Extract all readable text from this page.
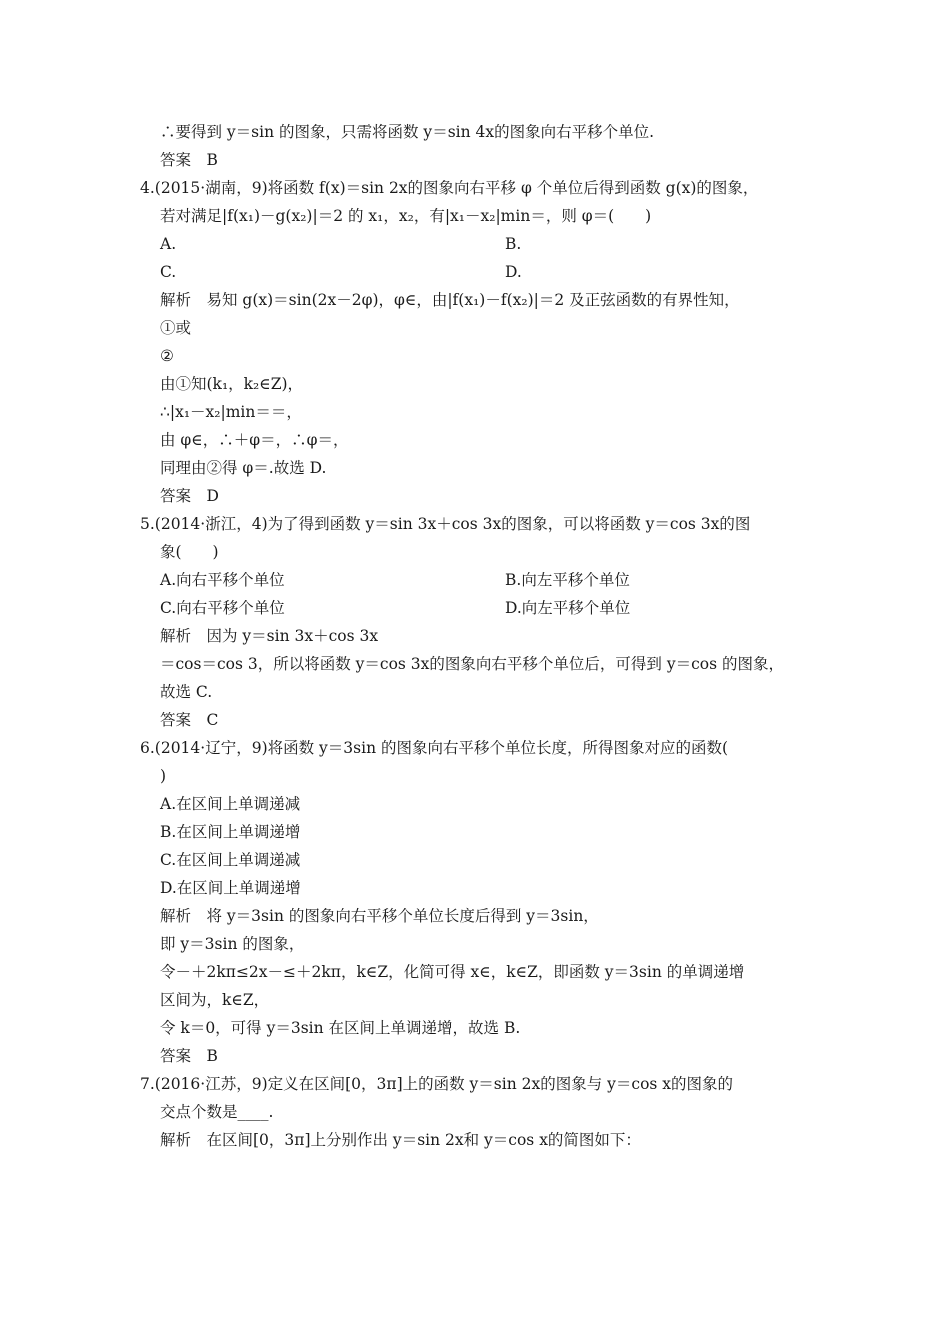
∴要得到 y＝sin 的图象，只需将函数 y＝sin 4x的图象向右平移个单位.
答案　B
4.(2015·湖南，9)将函数 f(x)＝sin 2x的图象向右平移 φ 个单位后得到函数 g(x)的图象，
若对满足|f(x₁)－g(x₂)|＝2 的 x₁，x₂，有|x₁－x₂|min＝，则 φ＝(　　)
A.	B.
C.	D.
解析　易知 g(x)＝sin(2x－2φ)，φ∈，由|f(x₁)－f(x₂)|＝2 及正弦函数的有界性知，
①或
②
由①知(k₁，k₂∈Z)，
∴|x₁－x₂|min＝＝，
由 φ∈，∴＋φ＝，∴φ＝，
同理由②得 φ＝.故选 D.
答案　D
5.(2014·浙江，4)为了得到函数 y＝sin 3x＋cos 3x的图象，可以将函数 y＝cos 3x的图
象(　　)
A.向右平移个单位	B.向左平移个单位
C.向右平移个单位	D.向左平移个单位
解析　因为 y＝sin 3x＋cos 3x
＝cos＝cos 3，所以将函数 y＝cos 3x的图象向右平移个单位后，可得到 y＝cos 的图象，
故选 C.
答案　C
6.(2014·辽宁，9)将函数 y＝3sin 的图象向右平移个单位长度，所得图象对应的函数(
)
A.在区间上单调递减
B.在区间上单调递增
C.在区间上单调递减
D.在区间上单调递增
解析　将 y＝3sin 的图象向右平移个单位长度后得到 y＝3sin，
即 y＝3sin 的图象，
令－＋2kπ≤2x－≤＋2kπ，k∈Z，化简可得 x∈，k∈Z，即函数 y＝3sin 的单调递增
区间为，k∈Z，
令 k＝0，可得 y＝3sin 在区间上单调递增，故选 B.
答案　B
7.(2016·江苏，9)定义在区间[0，3π]上的函数 y＝sin 2x的图象与 y＝cos x的图象的
交点个数是____.
解析　在区间[0，3π]上分别作出 y＝sin 2x和 y＝cos x的简图如下：
